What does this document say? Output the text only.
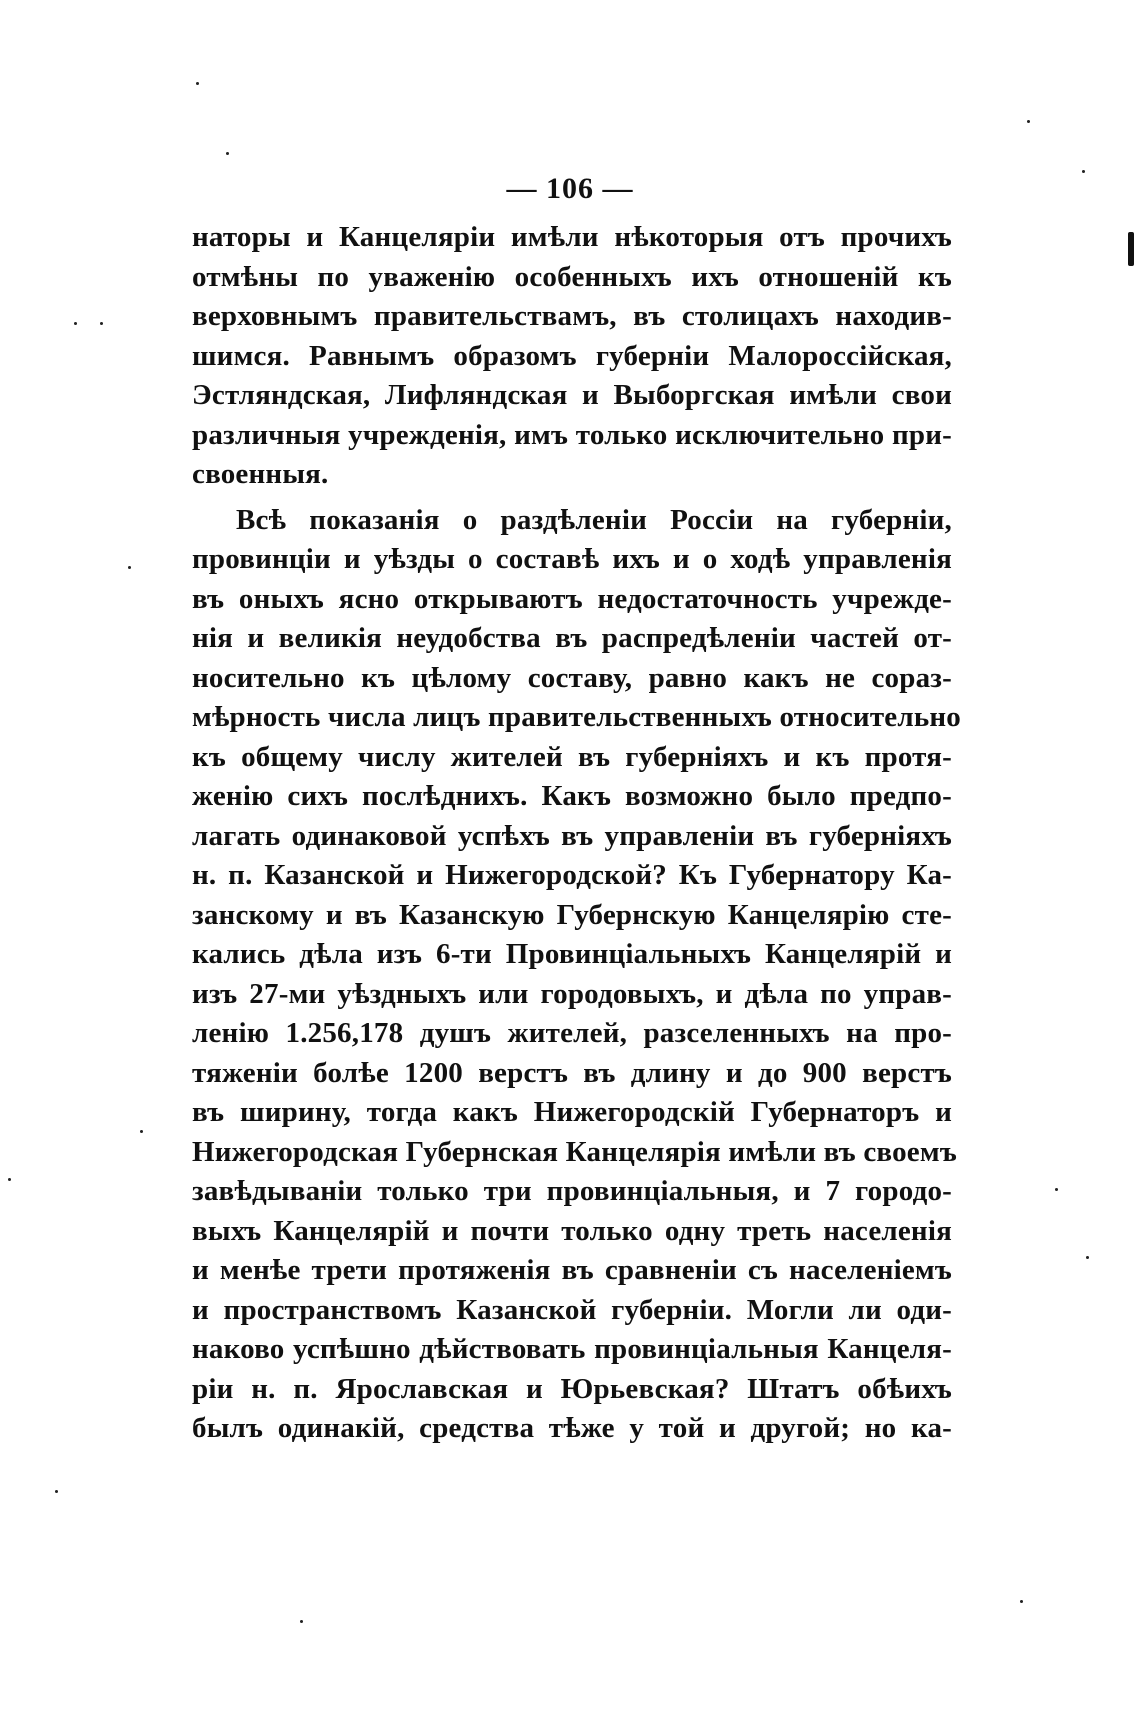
— 106 —
наторы и Канцеляріи имѣли нѣкоторыя отъ прочихъ
отмѣны по уваженію особенныхъ ихъ отношеній къ
верховнымъ правительствамъ, въ столицахъ находив-
шимся. Равнымъ образомъ губерніи Малороссійская,
Эстляндская, Лифляндская и Выборгская имѣли свои
различныя учрежденія, имъ только исключительно при-
своенныя.
Всѣ показанія о раздѣленіи Россіи на губерніи,
провинціи и уѣзды о составѣ ихъ и о ходѣ управленія
въ оныхъ ясно открываютъ недостаточность учрежде-
нія и великія неудобства въ распредѣленіи частей от-
носительно къ цѣлому составу, равно какъ не сораз-
мѣрность числа лицъ правительственныхъ относительно
къ общему числу жителей въ губерніяхъ и къ протя-
женію сихъ послѣднихъ. Какъ возможно было предпо-
лагать одинаковой успѣхъ въ управленіи въ губерніяхъ
н. п. Казанской и Нижегородской? Къ Губернатору Ка-
занскому и въ Казанскую Губернскую Канцелярію сте-
кались дѣла изъ 6-ти Провинціальныхъ Канцелярій и
изъ 27-ми уѣздныхъ или городовыхъ, и дѣла по управ-
ленію 1.256,178 душъ жителей, разселенныхъ на про-
тяженіи болѣе 1200 верстъ въ длину и до 900 верстъ
въ ширину, тогда какъ Нижегородскій Губернаторъ и
Нижегородская Губернская Канцелярія имѣли въ своемъ
завѣдываніи только три провинціальныя, и 7 городо-
выхъ Канцелярій и почти только одну треть населенія
и менѣе трети протяженія въ сравненіи съ населеніемъ
и пространствомъ Казанской губерніи. Могли ли оди-
наково успѣшно дѣйствовать провинціальныя Канцеля-
ріи н. п. Ярославская и Юрьевская? Штатъ обѣихъ
былъ одинакій, средства тѣже у той и другой; но ка-
